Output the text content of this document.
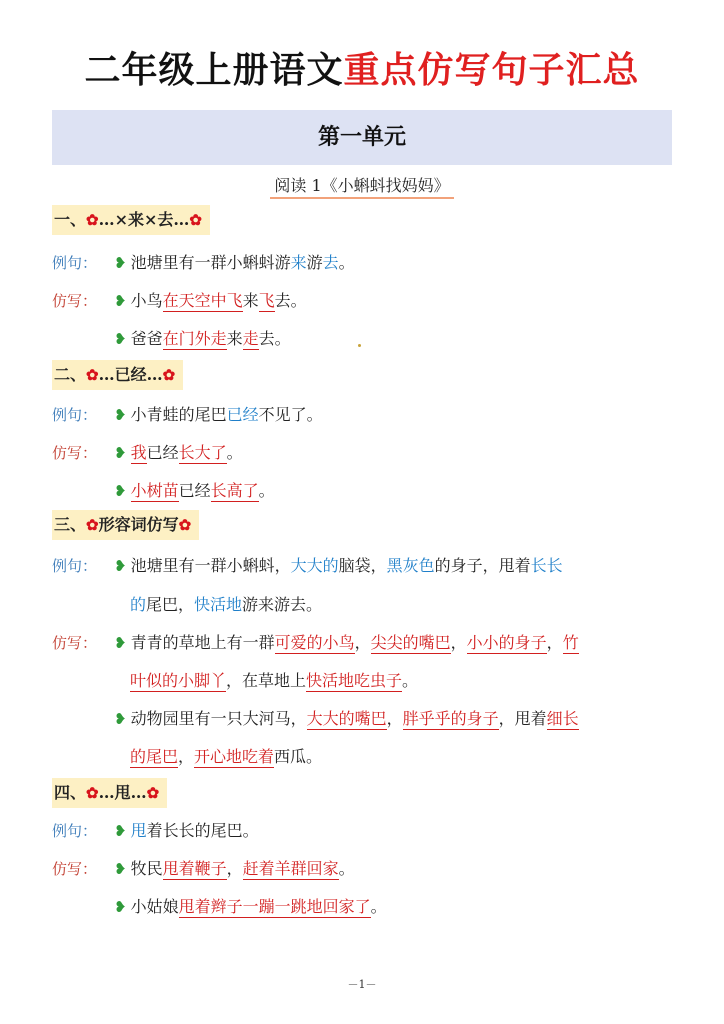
二年级上册语文重点仿写句子汇总
第一单元
阅读 1《小蝌蚪找妈妈》
一、✿…×来×去…✿
例句： ❥ 池塘里有一群小蝌蚪游来游去。
仿写： ❥ 小鸟在天空中飞来飞去。
❥ 爸爸在门外走来走去。
二、✿…已经…✿
例句： ❥ 小青蛙的尾巴已经不见了。
仿写： ❥ 我已经长大了。
❥ 小树苗已经长高了。
三、✿形容词仿写✿
例句： ❥ 池塘里有一群小蝌蚪，大大的脑袋，黑灰色的身子，甩着长长
的尾巴，快活地游来游去。
仿写： ❥ 青青的草地上有一群可爱的小鸟，尖尖的嘴巴，小小的身子，竹
叶似的小脚丫，在草地上快活地吃虫子。
❥ 动物园里有一只大河马，大大的嘴巴，胖乎乎的身子，甩着细长
的尾巴，开心地吃着西瓜。
四、✿…甩…✿
例句： ❥ 甩着长长的尾巴。
仿写： ❥ 牧民甩着鞭子，赶着羊群回家。
❥ 小姑娘甩着辫子一蹦一跳地回家了。
－1－
